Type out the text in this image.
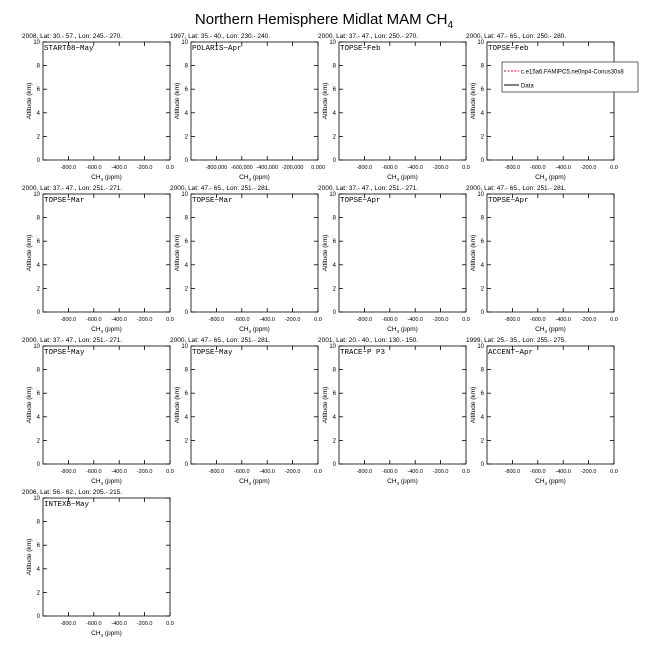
Northern Hemisphere Midlat MAM $CH_4$
2008, Lat: 30.- 57., Lon: 245.- 270.
START08−May
0
2
4
6
8
10
-800.0 -600.0 -400.0 -200.0	0.0
$CH_4$ (ppm)
Altitude (km)
1997, Lat: 35.- 40., Lon: 230.- 240.
POLARIS−Apr
0
2
4
6
8
10
-800,000 -600,000 -400,000 -200,000 0.000
$CH_4$ (ppm)
Altitude (km)
2000, Lat: 37.- 47., Lon: 250.- 270.
TOPSE−Feb
0
2
4
6
8
10
-800.0 -600.0 -400.0 -200.0	0.0
$CH_4$ (ppm)
Altitude (km)
2000, Lat: 47.- 65., Lon: 250.- 280.
TOPSE−Feb
0
2
4
6
8
10
-800.0 -600.0 -400.0 -200.0	0.0
$CH_4$ (ppm)
Altitude (km)
c.e15a6.FAMIPC5.ne0np4-Conus30x8
Data
2000, Lat: 37.- 47., Lon: 251.- 271.
TOPSE−Mar
0
2
4
6
8
10
-800.0 -600.0 -400.0 -200.0	0.0
$CH_4$ (ppm)
Altitude (km)
2000, Lat: 47.- 65., Lon: 251.- 281.
TOPSE−Mar
0
2
4
6
8
10
-800.0 -600.0 -400.0 -200.0	0.0
$CH_4$ (ppm)
Altitude (km)
2000, Lat: 37.- 47., Lon: 251.- 271.
TOPSE−Apr
0
2
4
6
8
10
-800.0 -600.0 -400.0 -200.0	0.0
$CH_4$ (ppm)
Altitude (km)
2000, Lat: 47.- 65., Lon: 251.- 281.
TOPSE−Apr
0
2
4
6
8
10
-800.0 -600.0 -400.0 -200.0	0.0
$CH_4$ (ppm)
Altitude (km)
2000, Lat: 37.- 47., Lon: 251.- 271.
TOPSE−May
0
2
4
6
8
10
-800.0 -600.0 -400.0 -200.0	0.0
$CH_4$ (ppm)
Altitude (km)
2000, Lat: 47.- 65., Lon: 251.- 281.
TOPSE−May
0
2
4
6
8
10
-800.0 -600.0 -400.0 -200.0	0.0
$CH_4$ (ppm)
Altitude (km)
2001, Lat: 20.- 40., Lon: 130.- 150.
TRACE−P P3
0
2
4
6
8
10
-800.0 -600.0 -400.0 -200.0	0.0
$CH_4$ (ppm)
Altitude (km)
1999, Lat: 25.- 35., Lon: 255.- 275.
ACCENT−Apr
0
2
4
6
8
10
-800.0 -600.0 -400.0 -200.0	0.0
$CH_4$ (ppm)
Altitude (km)
2006, Lat: 56.- 62., Lon: 205.- 215.
INTEXB−May
0
2
4
6
8
10
-800.0 -600.0 -400.0 -200.0	0.0
$CH_4$ (ppm)
Altitude (km)
